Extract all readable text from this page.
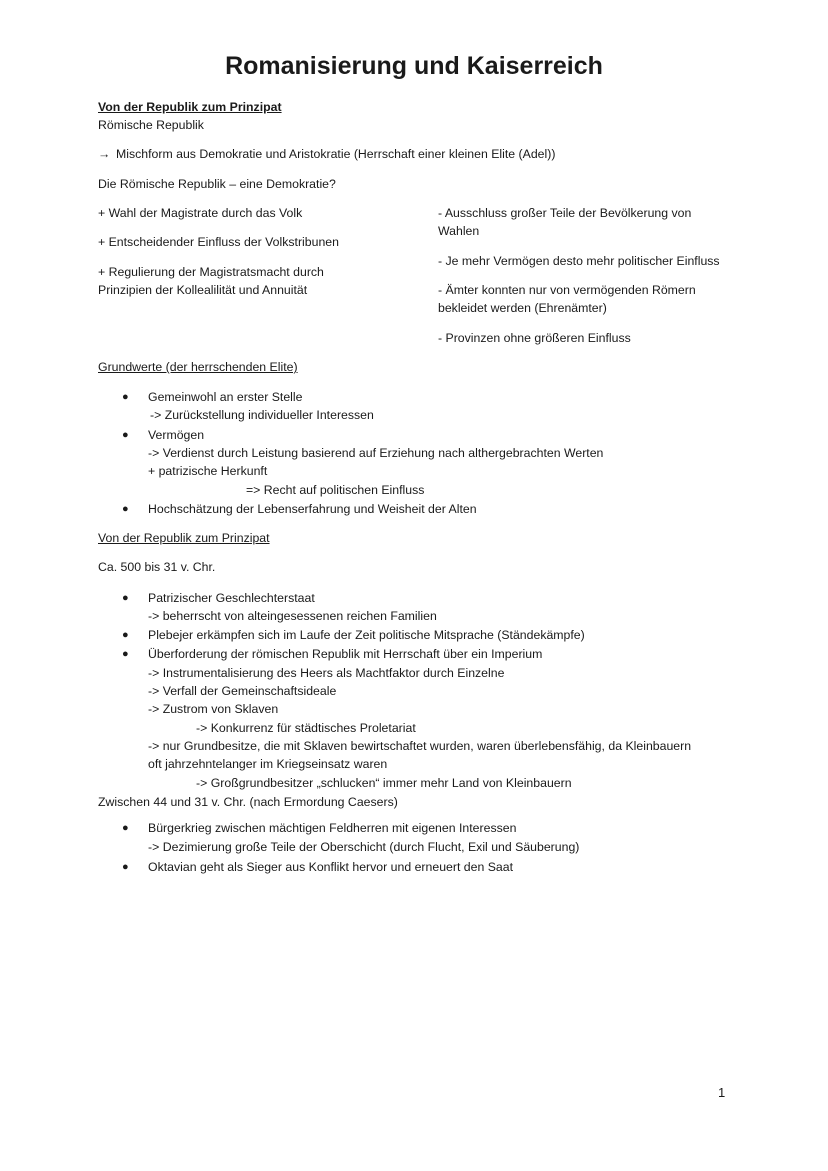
Romanisierung und Kaiserreich
Von der Republik zum Prinzipat
Römische Republik
→ Mischform aus Demokratie und Aristokratie (Herrschaft einer kleinen Elite (Adel))
Die Römische Republik – eine Demokratie?
+ Wahl der Magistrate durch das Volk
+ Entscheidender Einfluss der Volkstribunen
+ Regulierung der Magistratsmacht durch
Prinzipien der Kollealilität und Annuität
- Ausschluss großer Teile der Bevölkerung von
Wahlen
- Je mehr Vermögen desto mehr politischer Einfluss
- Ämter konnten nur von vermögenden Römern
bekleidet werden (Ehrenämter)
- Provinzen ohne größeren Einfluss
Grundwerte (der herrschenden Elite)
● Gemeinwohl an erster Stelle
-> Zurückstellung individueller Interessen
● Vermögen
-> Verdienst durch Leistung basierend auf Erziehung nach althergebrachten Werten
+ patrizische Herkunft
=> Recht auf politischen Einfluss
● Hochschätzung der Lebenserfahrung und Weisheit der Alten
Von der Republik zum Prinzipat
Ca. 500 bis 31 v. Chr.
● Patrizischer Geschlechterstaat
-> beherrscht von alteingesessenen reichen Familien
● Plebejer erkämpfen sich im Laufe der Zeit politische Mitsprache (Ständekämpfe)
● Überforderung der römischen Republik mit Herrschaft über ein Imperium
-> Instrumentalisierung des Heers als Machtfaktor durch Einzelne
-> Verfall der Gemeinschaftsideale
-> Zustrom von Sklaven
-> Konkurrenz für städtisches Proletariat
-> nur Grundbesitze, die mit Sklaven bewirtschaftet wurden, waren überlebensfähig, da Kleinbauern
oft jahrzehntelanger im Kriegseinsatz waren
-> Großgrundbesitzer „schlucken“ immer mehr Land von Kleinbauern
Zwischen 44 und 31 v. Chr. (nach Ermordung Caesers)
● Bürgerkrieg zwischen mächtigen Feldherren mit eigenen Interessen
-> Dezimierung große Teile der Oberschicht (durch Flucht, Exil und Säuberung)
● Oktavian geht als Sieger aus Konflikt hervor und erneuert den Saat
1
